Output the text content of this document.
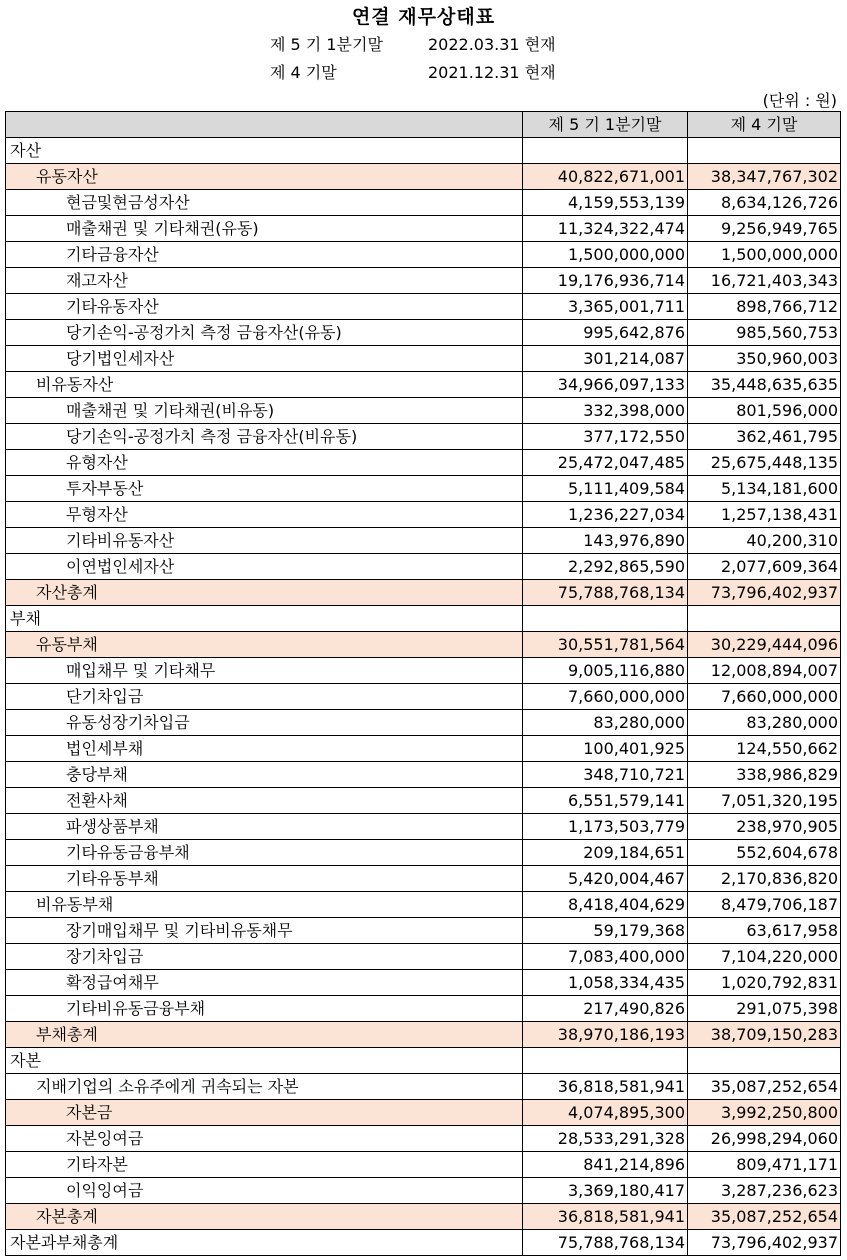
연결 재무상태표
제 5 기 1분기말	2022.03.31 현재
제 4 기말	2021.12.31 현재
(단위 : 원)
	제 5 기 1분기말	제 4 기말
자산		
유동자산	40,822,671,001	38,347,767,302
현금및현금성자산	4,159,553,139	8,634,126,726
매출채권 및 기타채권(유동)	11,324,322,474	9,256,949,765
기타금융자산	1,500,000,000	1,500,000,000
재고자산	19,176,936,714	16,721,403,343
기타유동자산	3,365,001,711	898,766,712
당기손익-공정가치 측정 금융자산(유동)	995,642,876	985,560,753
당기법인세자산	301,214,087	350,960,003
비유동자산	34,966,097,133	35,448,635,635
매출채권 및 기타채권(비유동)	332,398,000	801,596,000
당기손익-공정가치 측정 금융자산(비유동)	377,172,550	362,461,795
유형자산	25,472,047,485	25,675,448,135
투자부동산	5,111,409,584	5,134,181,600
무형자산	1,236,227,034	1,257,138,431
기타비유동자산	143,976,890	40,200,310
이연법인세자산	2,292,865,590	2,077,609,364
자산총계	75,788,768,134	73,796,402,937
부채		
유동부채	30,551,781,564	30,229,444,096
매입채무 및 기타채무	9,005,116,880	12,008,894,007
단기차입금	7,660,000,000	7,660,000,000
유동성장기차입금	83,280,000	83,280,000
법인세부채	100,401,925	124,550,662
충당부채	348,710,721	338,986,829
전환사채	6,551,579,141	7,051,320,195
파생상품부채	1,173,503,779	238,970,905
기타유동금융부채	209,184,651	552,604,678
기타유동부채	5,420,004,467	2,170,836,820
비유동부채	8,418,404,629	8,479,706,187
장기매입채무 및 기타비유동채무	59,179,368	63,617,958
장기차입금	7,083,400,000	7,104,220,000
확정급여채무	1,058,334,435	1,020,792,831
기타비유동금융부채	217,490,826	291,075,398
부채총계	38,970,186,193	38,709,150,283
자본		
지배기업의 소유주에게 귀속되는 자본	36,818,581,941	35,087,252,654
자본금	4,074,895,300	3,992,250,800
자본잉여금	28,533,291,328	26,998,294,060
기타자본	841,214,896	809,471,171
이익잉여금	3,369,180,417	3,287,236,623
자본총계	36,818,581,941	35,087,252,654
자본과부채총계	75,788,768,134	73,796,402,937
